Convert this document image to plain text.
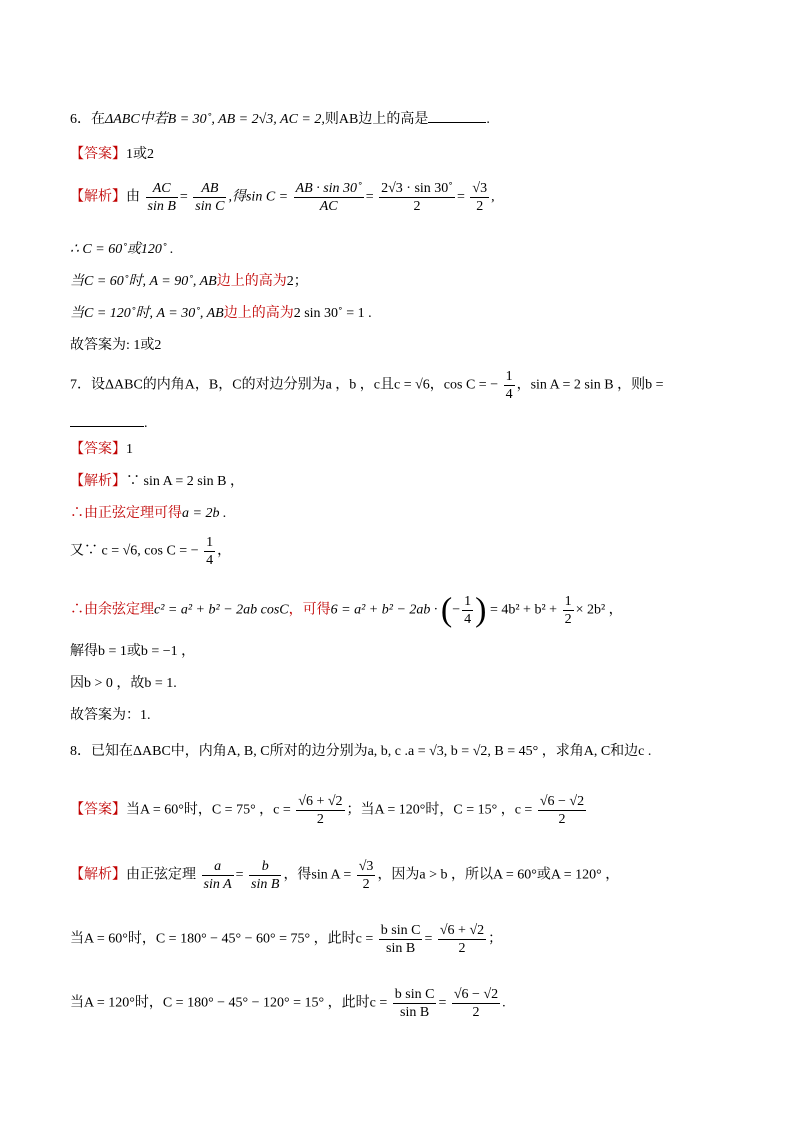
6．在ΔABC中若B = 30˚, AB = 2√3, AC = 2,则AB边上的高是	.
【答案】1或2
【解析】由 $\frac{AC}{\text{sin B}} = \frac{AB}{\text{sin C}}$ ,得$\sin C = \frac{AB \cdot \sin 30˚}{AC} = \frac{2√3 \cdot \sin 30˚}{2} = \frac{√3}{2}$ ,
∴ C = 60˚或120˚ .
当C = 60˚时, A = 90˚, AB边上的高为2；
当C = 120˚时, A = 30˚, AB边上的高为2 sin 30˚ = 1 .
故答案为: 1或2
7．设ΔABC的内角A，B，C的对边分别为a ，b ，c且c = √6，cos C = − $\frac{1}{4}$ ，sin A = 2 sin B ，则b =
.
【答案】1
【解析】∵ sin A = 2 sin B ，
∴由正弦定理可得a = 2b .
又∵ c = √6, cos C = − $\frac{1}{4}$ ，
∴由余弦定理c² = a² + b² − 2ab cosC，可得6 = a² + b² − 2ab · (− $\frac{1}{4}$ ) = $4b^2 + b^2 + \frac{1}{2} \times 2b^2$ ，
解得b = 1或b = −1 ，
因b > 0 ，故b = 1.
故答案为：1.
8．已知在ΔABC中，内角A, B, C所对的边分别为a, b, c .a = √3, b = √2, B = 45° ，求角A, C和边c .
【答案】当A = 60°时，C = 75° ，$c = \frac{√6 + √2}{2}$ ；当A = 120°时，C = 15° ，$c = \frac{√6 - √2}{2}$
【解析】由正弦定理 $\frac{a}{\text{sin A}} = \frac{b}{\text{sin B}}$ ，得$\sin A = \frac{√3}{2}$ ，因为a > b ，所以A = 60°或A = 120° ，
当A = 60°时，C = 180° − 45° − 60° = 75° ，此时$c = \frac{\text{b sin C}}{\text{sin B}} = \frac{√6 + √2}{2}$ ；
当A = 120°时，C = 180° − 45° − 120° = 15° ，此时$c = \frac{\text{b sin C}}{\text{sin B}} = \frac{√6 - √2}{2}$ .
